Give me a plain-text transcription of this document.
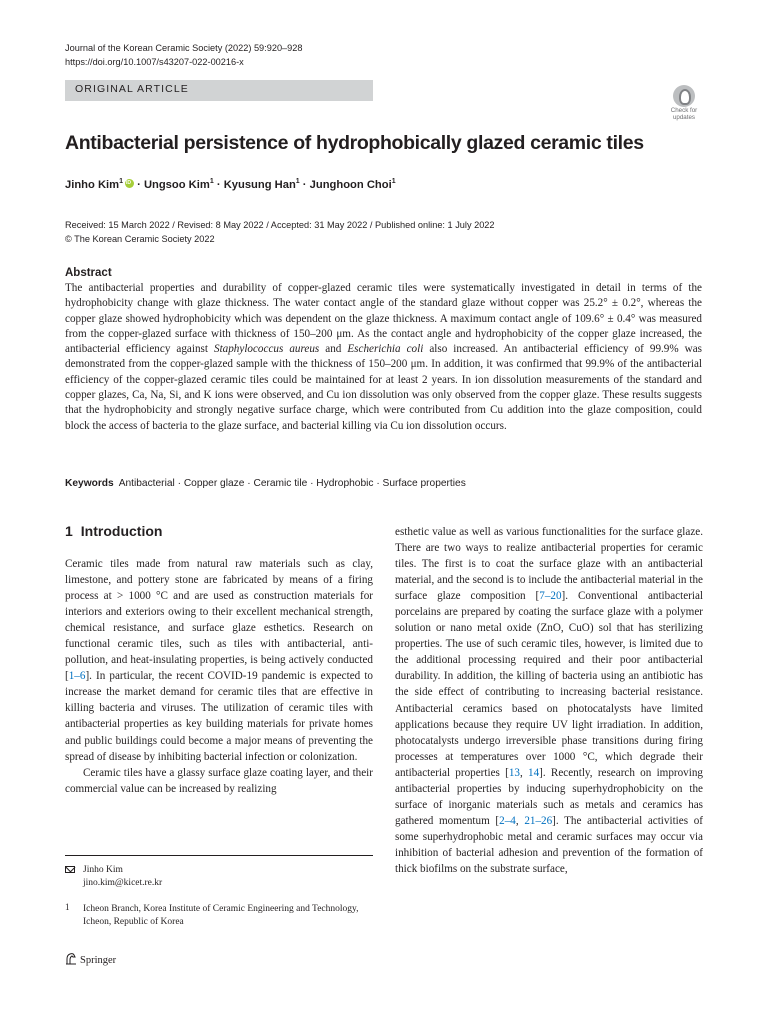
Journal of the Korean Ceramic Society (2022) 59:920–928
https://doi.org/10.1007/s43207-022-00216-x
ORIGINAL ARTICLE
Check for
updates
Antibacterial persistence of hydrophobically glazed ceramic tiles
Jinho Kim$^1$iD · Ungsoo Kim$^1$ · Kyusung Han$^1$ · Junghoon Choi$^1$
Received: 15 March 2022 / Revised: 8 May 2022 / Accepted: 31 May 2022 / Published online: 1 July 2022
© The Korean Ceramic Society 2022
Abstract

The antibacterial properties and durability of copper-glazed ceramic tiles were systematically investigated in detail in terms of the hydrophobicity change with glaze thickness. The water contact angle of the standard glaze without copper was 25.2° ± 0.2°, whereas the copper glaze showed hydrophobicity which was dependent on the glaze thickness. A maximum contact angle of 109.6° ± 0.4° was measured from the copper-glazed surface with thickness of 150–200 μm. As the contact angle and hydrophobicity of the copper glaze increased, the antibacterial efficiency against Staphylococcus aureus and Escherichia coli also increased. An antibacterial efficiency of 99.9% was demonstrated from the copper-glazed sample with the thickness of 150–200 μm. In addition, it was confirmed that 99.9% of the antibacterial efficiency of the copper-glazed ceramic tiles could be maintained for at least 2 years. In ion dissolution measurements of the standard and copper glazes, Ca, Na, Si, and K ions were observed, and Cu ion dissolution was only observed from the copper glaze. These results suggests that the hydrophobicity and strongly negative surface charge, which were contributed from Cu addition into the glaze composition, could block the access of bacteria to the glaze surface, and bacterial killing via Cu ion dissolution occurs.

Keywords Antibacterial · Copper glaze · Ceramic tile · Hydrophobic · Surface properties
1 Introduction

Ceramic tiles made from natural raw materials such as clay, limestone, and pottery stone are fabricated by means of a firing process at > 1000 °C and are used as construction materials for interiors and exteriors owing to their excellent mechanical strength, chemical resistance, and surface glaze esthetics. Research on functional ceramic tiles, such as tiles with antibacterial, anti-pollution, and heat-insulating properties, is being actively conducted [1–6]. In particular, the recent COVID-19 pandemic is expected to increase the market demand for ceramic tiles that are effective in killing bacteria and viruses. The utilization of ceramic tiles with antibacterial properties as key building materials for private homes and public buildings could become a major means of preventing the spread of disease by inhibiting bacterial infection or colonization.

Ceramic tiles have a glassy surface glaze coating layer, and their commercial value can be increased by realizing

esthetic value as well as various functionalities for the surface glaze. There are two ways to realize antibacterial properties for ceramic tiles. The first is to coat the surface glaze with an antibacterial material, and the second is to include the antibacterial material in the surface glaze composition [7–20]. Conventional antibacterial porcelains are prepared by coating the surface glaze with a polymer solution or nano metal oxide (ZnO, CuO) sol that has sterilizing properties. The use of such ceramic tiles, however, is limited due to the additional processing required and their poor antibacterial durability. In addition, the killing of bacteria using an antibiotic has the side effect of contributing to increasing bacterial resistance. Antibacterial ceramics based on photocatalysts have limited applications because they require UV light irradiation. In addition, photocatalysts undergo irreversible phase transitions during firing processes at temperatures over 1000 °C, which degrade their antibacterial properties [13, 14]. Recently, research on improving antibacterial properties by inducing superhydrophobicity on the surface of inorganic materials such as metals and ceramics has gathered momentum [2–4, 21–26]. The antibacterial activities of some superhydrophobic metal and ceramic surfaces may occur via inhibition of bacterial adhesion and prevention of the formation of thick biofilms on the substrate surface,

Jinho Kim
jino.kim@kicet.re.kr
1	Icheon Branch, Korea Institute of Ceramic Engineering and Technology, Icheon, Republic of Korea
Springer
